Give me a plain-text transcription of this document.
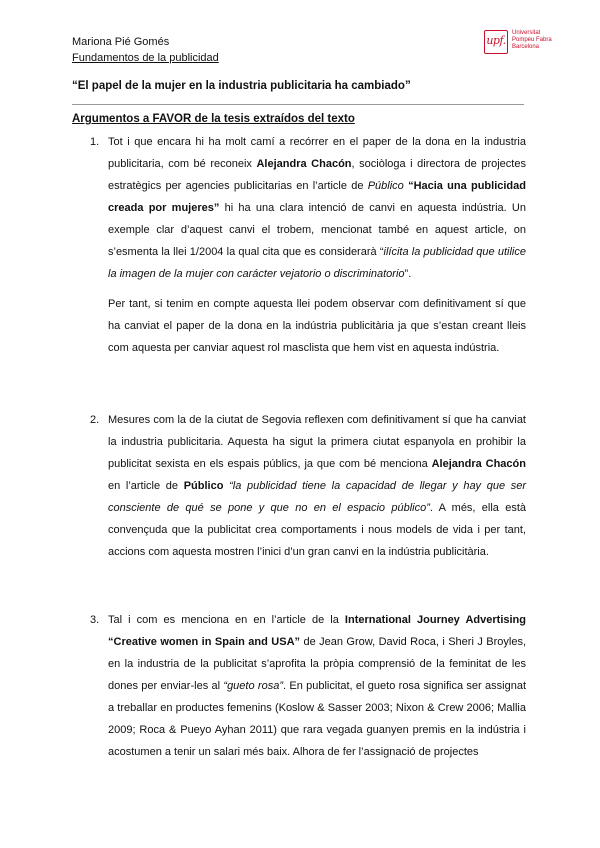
Mariona Pié Gomés
Fundamentos de la publicidad
upf.
Universitat
Pompeu Fabra
Barcelona
“El papel de la mujer en la industria publicitaria ha cambiado”
Argumentos a FAVOR de la tesis extraídos del texto
1. Tot i que encara hi ha molt camí a recórrer en el paper de la dona en la industria publicitaria, com bé reconeix Alejandra Chacón, sociòloga i directora de projectes estratègics per agencies publicitarias en l’article de Público “Hacia una publicidad creada por mujeres” hi ha una clara intenció de canvi en aquesta indústria. Un exemple clar d’aquest canvi el trobem, mencionat també en aquest article, on s’esmenta la llei 1/2004 la qual cita que es considerarà “ilícita la publicidad que utilice la imagen de la mujer con carácter vejatorio o discriminatorio”.

Per tant, si tenim en compte aquesta llei podem observar com definitivament sí que ha canviat el paper de la dona en la indústria publicitària ja que s’estan creant lleis com aquesta per canviar aquest rol masclista que hem vist en aquesta indústria.

2. Mesures com la de la ciutat de Segovia reflexen com definitivament sí que ha canviat la industria publicitaria. Aquesta ha sigut la primera ciutat espanyola en prohibir la publicitat sexista en els espais públics, ja que com bé menciona Alejandra Chacón en l’article de Público “la publicidad tiene la capacidad de llegar y hay que ser consciente de qué se pone y que no en el espacio público”. A més, ella està convençuda que la publicitat crea comportaments i nous models de vida i per tant, accions com aquesta mostren l’inici d’un gran canvi en la indústria publicitària.

3. Tal i com es menciona en en l’article de la International Journey Advertising “Creative women in Spain and USA” de Jean Grow, David Roca, i Sheri J Broyles, en la industria de la publicitat s’aprofita la pròpia comprensió de la feminitat de les dones per enviar-les al “gueto rosa”. En publicitat, el gueto rosa significa ser assignat a treballar en productes femenins (Koslow & Sasser 2003; Nixon & Crew 2006; Mallia 2009; Roca & Pueyo Ayhan 2011) que rara vegada guanyen premis en la indústria i acostumen a tenir un salari més baix. Alhora de fer l’assignació de projectes
